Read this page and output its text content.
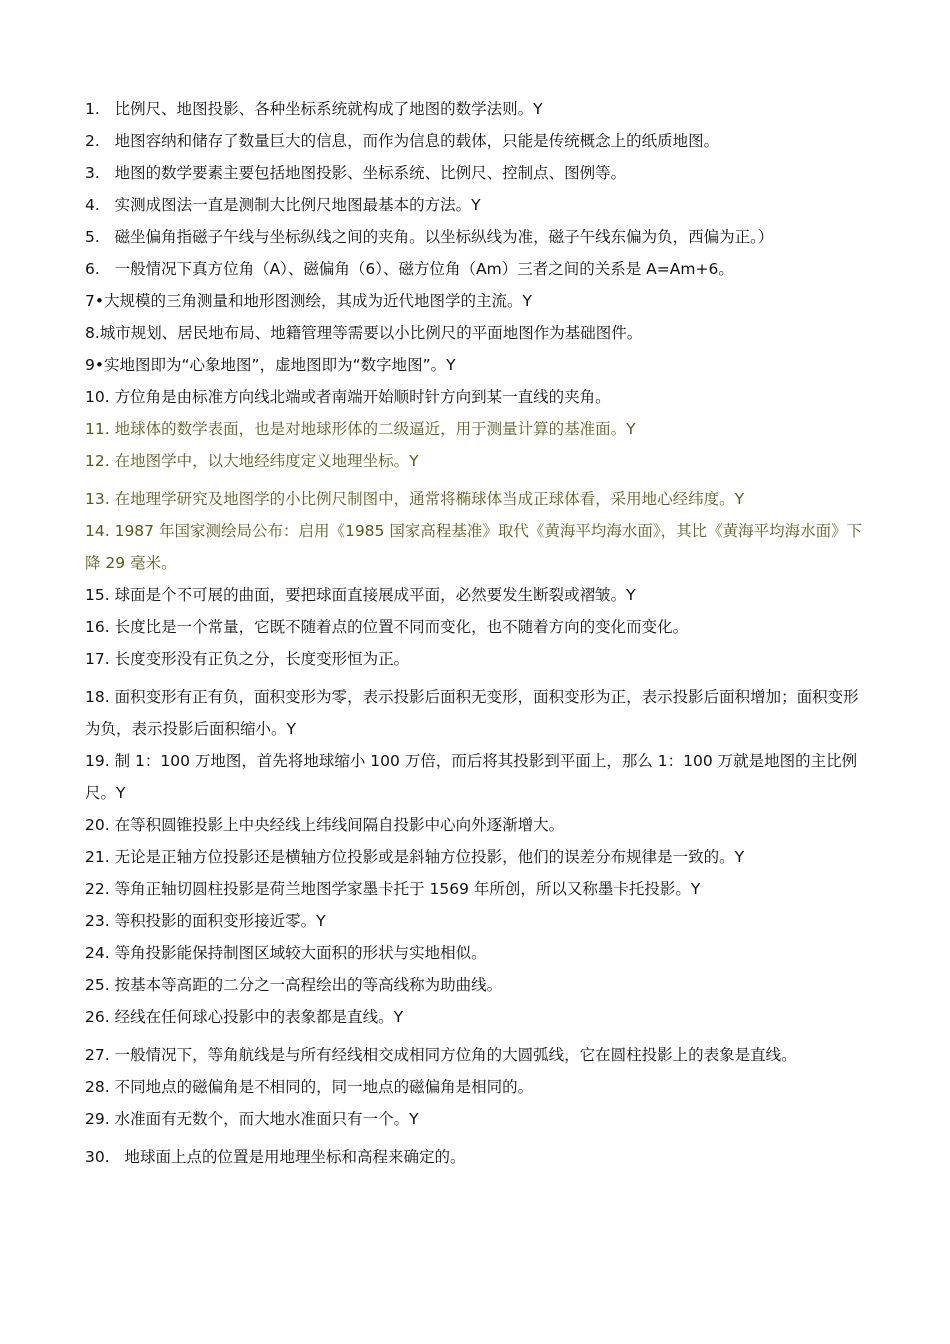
1.   比例尺、地图投影、各种坐标系统就构成了地图的数学法则。Y

2.   地图容纳和储存了数量巨大的信息，而作为信息的载体，只能是传统概念上的纸质地图。

3.   地图的数学要素主要包括地图投影、坐标系统、比例尺、控制点、图例等。

4.   实测成图法一直是测制大比例尺地图最基本的方法。Y

5.   磁坐偏角指磁子午线与坐标纵线之间的夹角。以坐标纵线为准，磁子午线东偏为负，西偏为正。）

6.   一般情况下真方位角（A）、磁偏角（6）、磁方位角（Am）三者之间的关系是 A=Am+6。

7•大规模的三角测量和地形图测绘，其成为近代地图学的主流。Y

8.城市规划、居民地布局、地籍管理等需要以小比例尺的平面地图作为基础图件。

9•实地图即为“心象地图”，虚地图即为“数字地图”。Y

10. 方位角是由标准方向线北端或者南端开始顺时针方向到某一直线的夹角。

11. 地球体的数学表面，也是对地球形体的二级逼近，用于测量计算的基准面。Y

12. 在地图学中，以大地经纬度定义地理坐标。Y

13. 在地理学研究及地图学的小比例尺制图中，通常将椭球体当成正球体看，采用地心经纬度。Y

14. 1987 年国家测绘局公布：启用《1985 国家高程基准》取代《黄海平均海水面》，其比《黄海平均海水面》下降 29 毫米。

15. 球面是个不可展的曲面，要把球面直接展成平面，必然要发生断裂或褶皱。Y

16. 长度比是一个常量，它既不随着点的位置不同而变化，也不随着方向的变化而变化。

17. 长度变形没有正负之分，长度变形恒为正。

18. 面积变形有正有负，面积变形为零，表示投影后面积无变形，面积变形为正，表示投影后面积增加；面积变形为负，表示投影后面积缩小。Y

19. 制 1：100 万地图，首先将地球缩小 100 万倍，而后将其投影到平面上，那么 1：100 万就是地图的主比例尺。Y

20. 在等积圆锥投影上中央经线上纬线间隔自投影中心向外逐渐增大。

21. 无论是正轴方位投影还是横轴方位投影或是斜轴方位投影，他们的误差分布规律是一致的。Y

22. 等角正轴切圆柱投影是荷兰地图学家墨卡托于 1569 年所创，所以又称墨卡托投影。Y

23. 等积投影的面积变形接近零。Y

24. 等角投影能保持制图区域较大面积的形状与实地相似。

25. 按基本等高距的二分之一高程绘出的等高线称为助曲线。

26. 经线在任何球心投影中的表象都是直线。Y

27. 一般情况下，等角航线是与所有经线相交成相同方位角的大圆弧线，它在圆柱投影上的表象是直线。

28. 不同地点的磁偏角是不相同的，同一地点的磁偏角是相同的。

29. 水准面有无数个，而大地水准面只有一个。Y

30.   地球面上点的位置是用地理坐标和高程来确定的。
